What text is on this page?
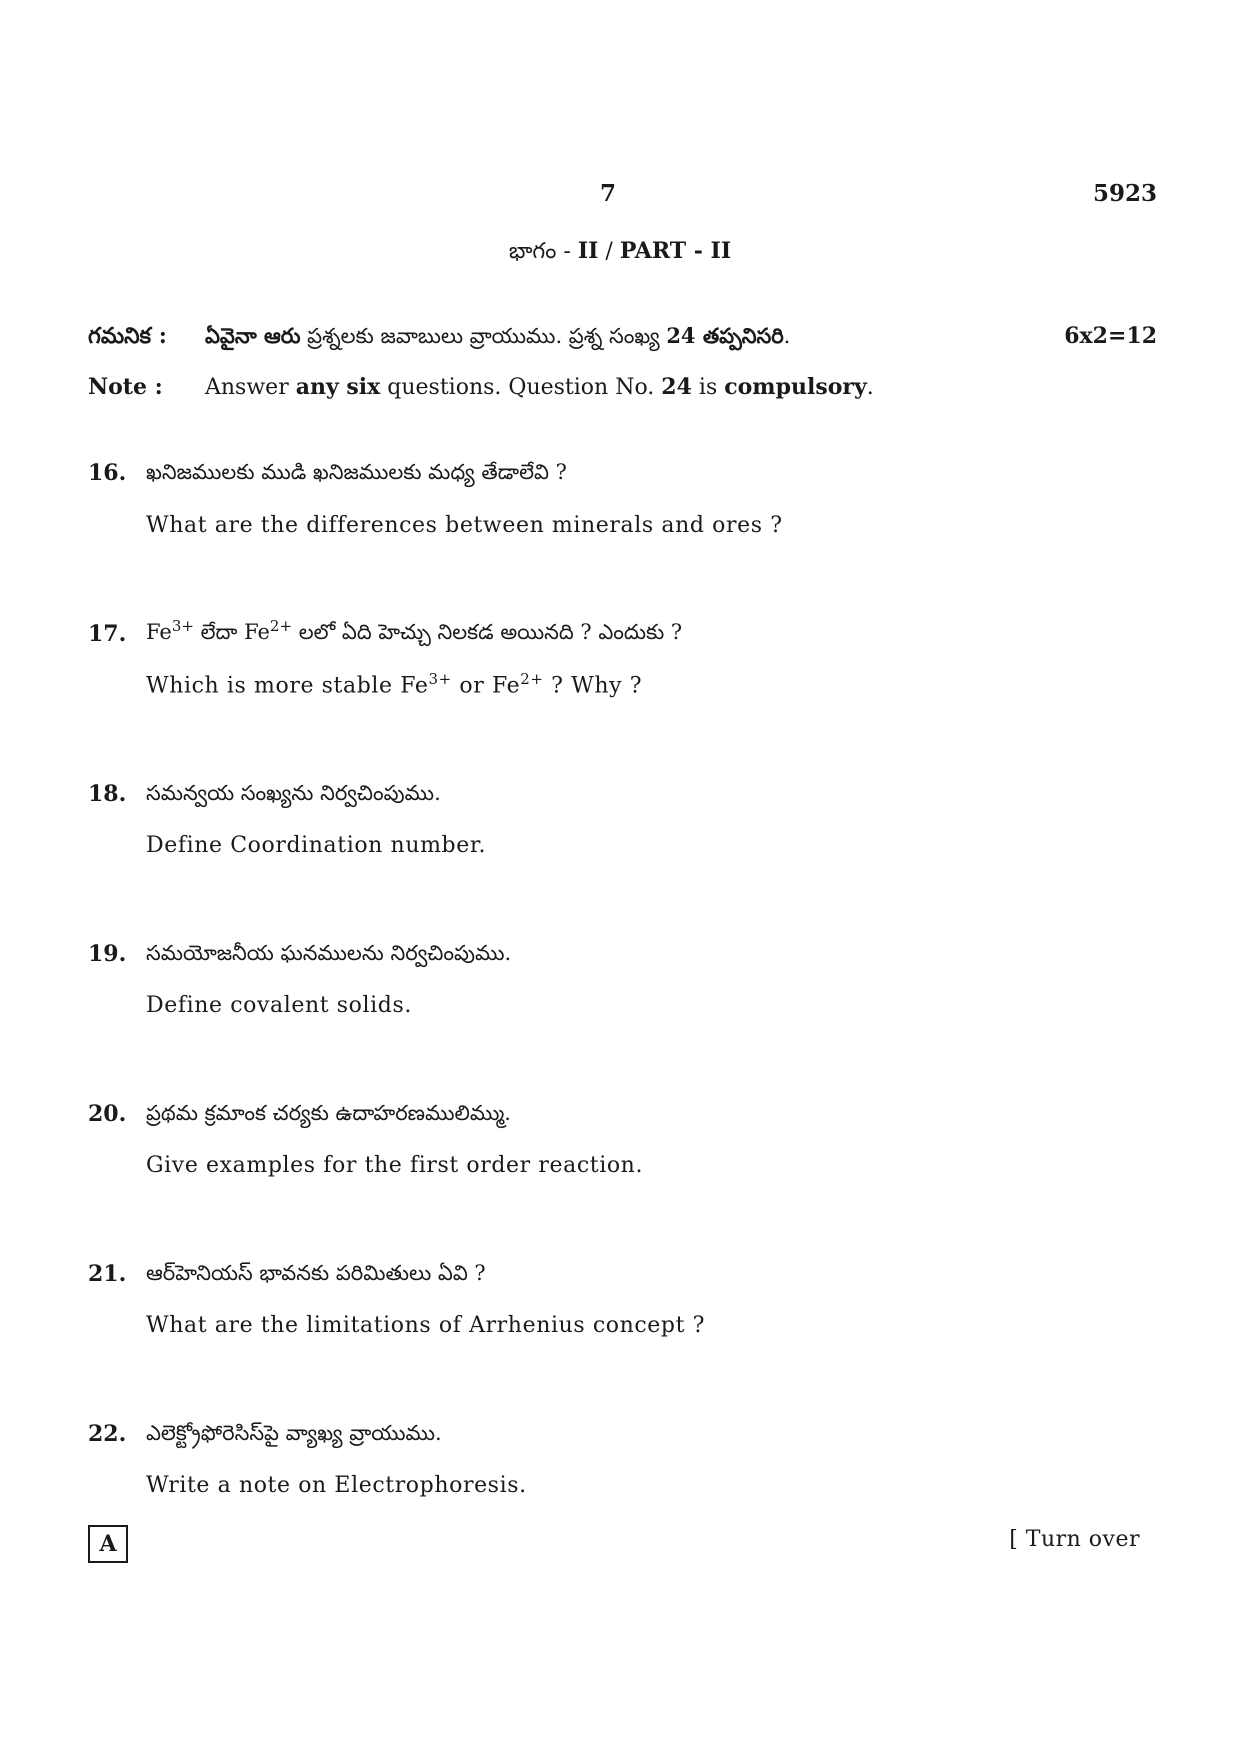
7	5923
భాగం - II / PART - II
గమనిక : ఏవైనా ఆరు ప్రశ్నలకు జవాబులు వ్రాయుము. ప్రశ్న సంఖ్య 24 తప్పనిసరి.	6x2=12
Note : Answer any six questions. Question No. 24 is compulsory.
16. ఖనిజములకు ముడి ఖనిజములకు మధ్య తేడాలేవి ?
What are the differences between minerals and ores ?
17. $Fe^{3+}$ లేదా $Fe^{2+}$ లలో ఏది హెచ్చు నిలకడ అయినది ? ఎందుకు ?
Which is more stable $Fe^{3+}$ or $Fe^{2+}$ ? Why ?
18. సమన్వయ సంఖ్యను నిర్వచింపుము.
Define Coordination number.
19. సమయోజనీయ ఘనములను నిర్వచింపుము.
Define covalent solids.
20. ప్రథమ క్రమాంక చర్యకు ఉదాహరణములిమ్ము.
Give examples for the first order reaction.
21. ఆర్‌హెనియస్ భావనకు పరిమితులు ఏవి ?
What are the limitations of Arrhenius concept ?
22. ఎలెక్ట్రోఫోరెసిస్‌పై వ్యాఖ్య వ్రాయుము.
Write a note on Electrophoresis.
A	[ Turn over
